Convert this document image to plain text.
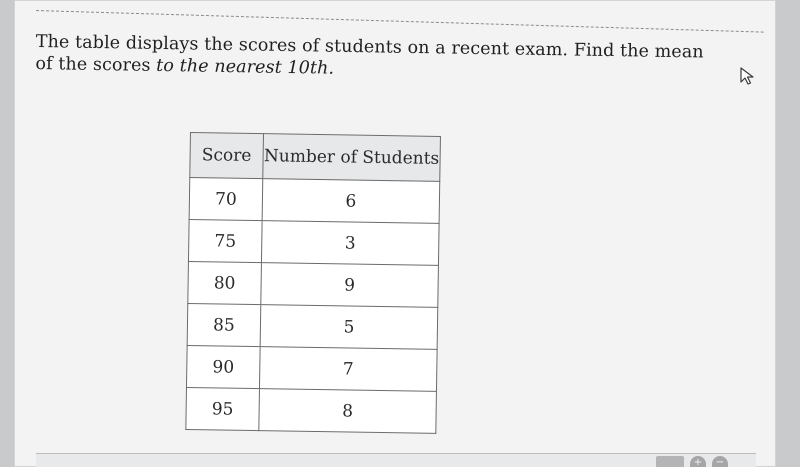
The table displays the scores of students on a recent exam. Find the mean of the scores to the nearest 10th.
Score	Number of Students
70	6
75	3
80	9
85	5
90	7
95	8
+	−
